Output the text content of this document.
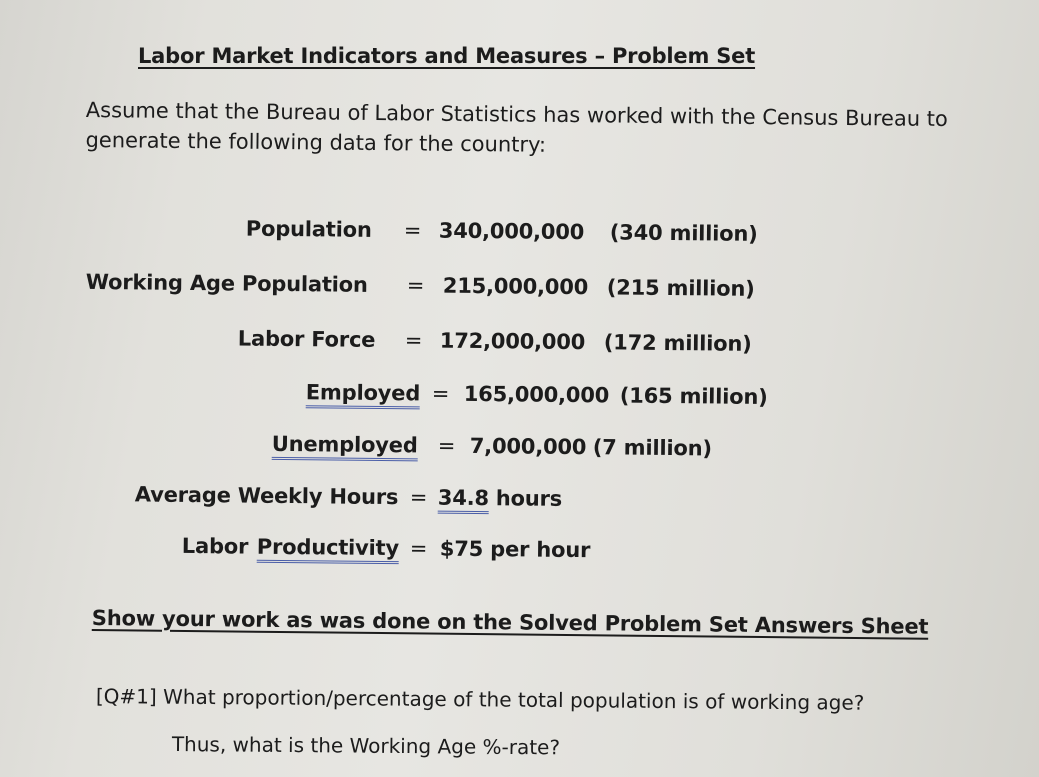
Labor Market Indicators and Measures – Problem Set
Assume that the Bureau of Labor Statistics has worked with the Census Bureau to generate the following data for the country:
Population = 340,000,000 (340 million)
Working Age Population = 215,000,000 (215 million)
Labor Force = 172,000,000 (172 million)
Employed = 165,000,000 (165 million)
Unemployed = 7,000,000 (7 million)
Average Weekly Hours = 34.8 hours
Labor Productivity = $75 per hour
Show your work as was done on the Solved Problem Set Answers Sheet
[Q#1] What proportion/percentage of the total population is of working age?
Thus, what is the Working Age %-rate?
